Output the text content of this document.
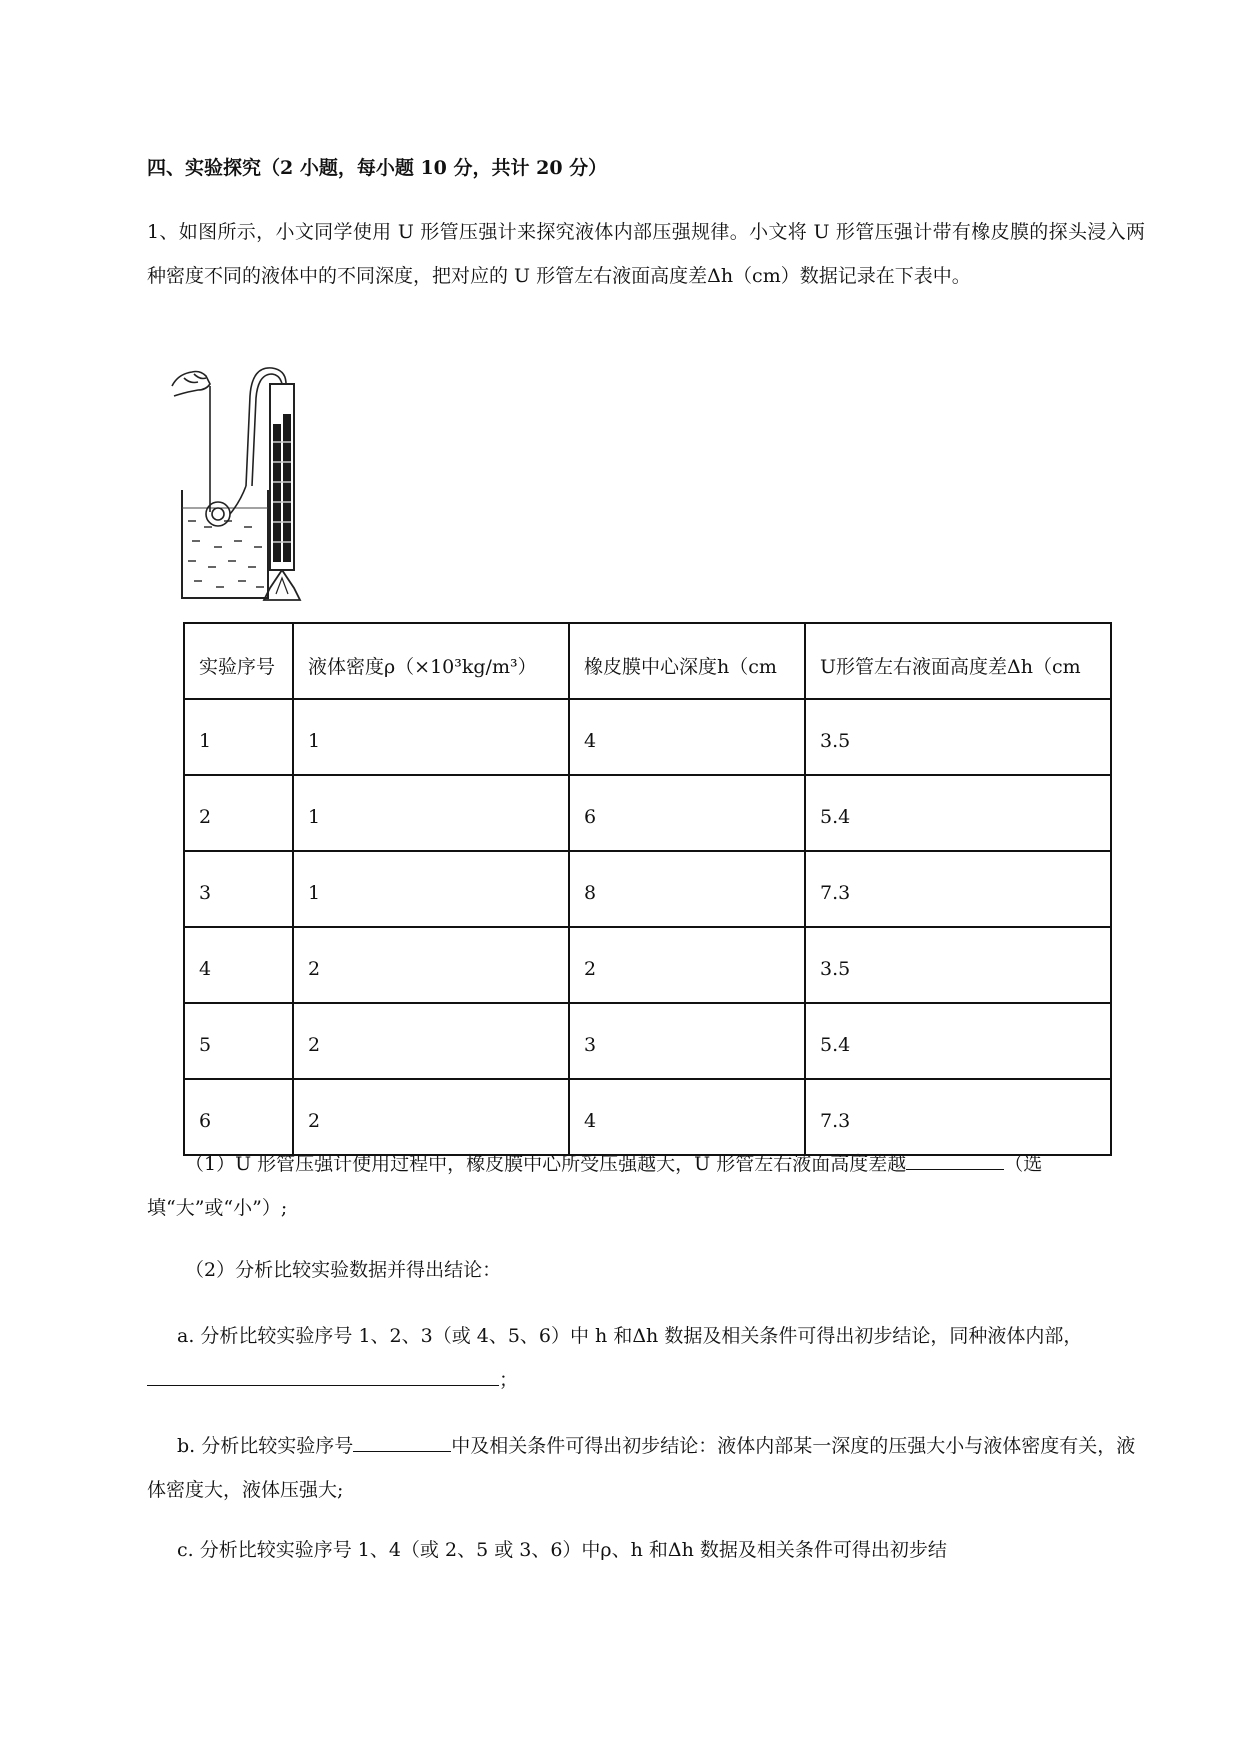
四、实验探究（2 小题，每小题 10 分，共计 20 分）

1、如图所示，小文同学使用 U 形管压强计来探究液体内部压强规律。小文将 U 形管压强计带有橡皮膜的探头浸入两种密度不同的液体中的不同深度，把对应的 U 形管左右液面高度差Δh（cm）数据记录在下表中。

实验序号	液体密度ρ（×10³kg/m³）	橡皮膜中心深度h（cm	U形管左右液面高度差Δh（cm
1	1	4	3.5
2	1	6	5.4
3	1	8	7.3
4	2	2	3.5
5	2	3	5.4
6	2	4	7.3

（1）U 形管压强计使用过程中，橡皮膜中心所受压强越大，U 形管左右液面高度差越	（选填“大”或“小”）;

（2）分析比较实验数据并得出结论：

a. 分析比较实验序号 1、2、3（或 4、5、6）中 h 和Δh 数据及相关条件可得出初步结论，同种液体内部，；

b. 分析比较实验序号	中及相关条件可得出初步结论：液体内部某一深度的压强大小与液体密度有关，液体密度大，液体压强大;

c. 分析比较实验序号 1、4（或 2、5 或 3、6）中ρ、h 和Δh 数据及相关条件可得出初步结
